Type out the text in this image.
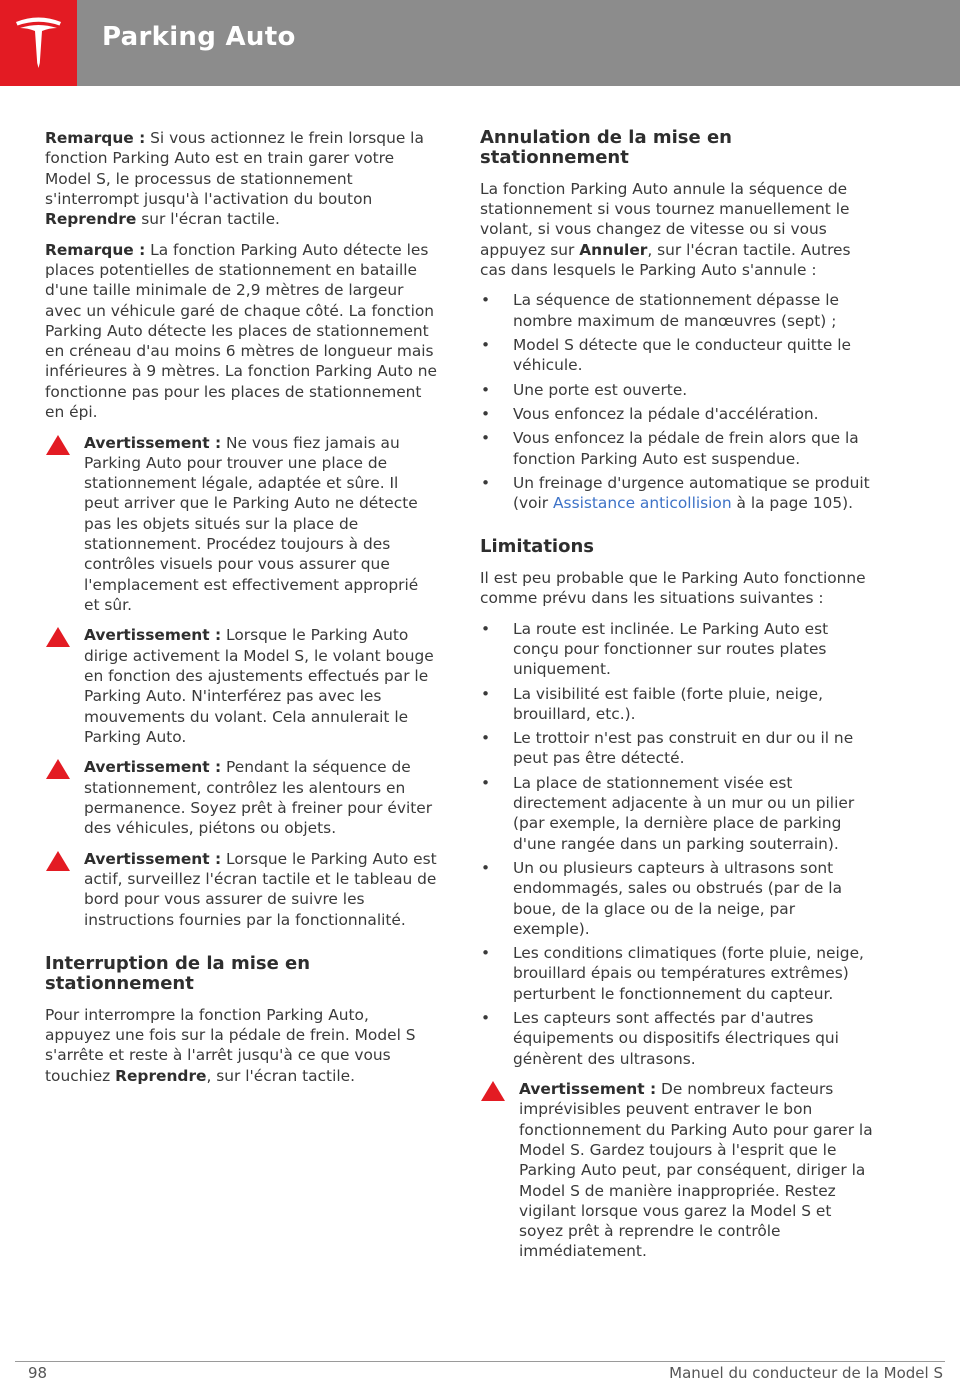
Parking Auto

Remarque : Si vous actionnez le frein lorsque la fonction Parking Auto est en train garer votre Model S, le processus de stationnement s'interrompt jusqu'à l'activation du bouton Reprendre sur l'écran tactile.

Remarque : La fonction Parking Auto détecte les places potentielles de stationnement en bataille d'une taille minimale de 2,9 mètres de largeur avec un véhicule garé de chaque côté. La fonction Parking Auto détecte les places de stationnement en créneau d'au moins 6 mètres de longueur mais inférieures à 9 mètres. La fonction Parking Auto ne fonctionne pas pour les places de stationnement en épi.

Avertissement : Ne vous fiez jamais au Parking Auto pour trouver une place de stationnement légale, adaptée et sûre. Il peut arriver que le Parking Auto ne détecte pas les objets situés sur la place de stationnement. Procédez toujours à des contrôles visuels pour vous assurer que l'emplacement est effectivement approprié et sûr.
Avertissement : Lorsque le Parking Auto dirige activement la Model S, le volant bouge en fonction des ajustements effectués par le Parking Auto. N'interférez pas avec les mouvements du volant. Cela annulerait le Parking Auto.
Avertissement : Pendant la séquence de stationnement, contrôlez les alentours en permanence. Soyez prêt à freiner pour éviter des véhicules, piétons ou objets.
Avertissement : Lorsque le Parking Auto est actif, surveillez l'écran tactile et le tableau de bord pour vous assurer de suivre les instructions fournies par la fonctionnalité.
Interruption de la mise en stationnement

Pour interrompre la fonction Parking Auto, appuyez une fois sur la pédale de frein. Model S s'arrête et reste à l'arrêt jusqu'à ce que vous touchiez Reprendre, sur l'écran tactile.

Annulation de la mise en stationnement

La fonction Parking Auto annule la séquence de stationnement si vous tournez manuellement le volant, si vous changez de vitesse ou si vous appuyez sur Annuler, sur l'écran tactile. Autres cas dans lesquels le Parking Auto s'annule :

• La séquence de stationnement dépasse le nombre maximum de manœuvres (sept) ;
• Model S détecte que le conducteur quitte le véhicule.
• Une porte est ouverte.
• Vous enfoncez la pédale d'accélération.
• Vous enfoncez la pédale de frein alors que la fonction Parking Auto est suspendue.
• Un freinage d'urgence automatique se produit (voir Assistance anticollision à la page 105).
Limitations

Il est peu probable que le Parking Auto fonctionne comme prévu dans les situations suivantes :

• La route est inclinée. Le Parking Auto est conçu pour fonctionner sur routes plates uniquement.
• La visibilité est faible (forte pluie, neige, brouillard, etc.).
• Le trottoir n'est pas construit en dur ou il ne peut pas être détecté.
• La place de stationnement visée est directement adjacente à un mur ou un pilier (par exemple, la dernière place de parking d'une rangée dans un parking souterrain).
• Un ou plusieurs capteurs à ultrasons sont endommagés, sales ou obstrués (par de la boue, de la glace ou de la neige, par exemple).
• Les conditions climatiques (forte pluie, neige, brouillard épais ou températures extrêmes) perturbent le fonctionnement du capteur.
• Les capteurs sont affectés par d'autres équipements ou dispositifs électriques qui génèrent des ultrasons.
Avertissement : De nombreux facteurs imprévisibles peuvent entraver le bon fonctionnement du Parking Auto pour garer la Model S. Gardez toujours à l'esprit que le Parking Auto peut, par conséquent, diriger la Model S de manière inappropriée. Restez vigilant lorsque vous garez la Model S et soyez prêt à reprendre le contrôle immédiatement.
98	Manuel du conducteur de la Model S
